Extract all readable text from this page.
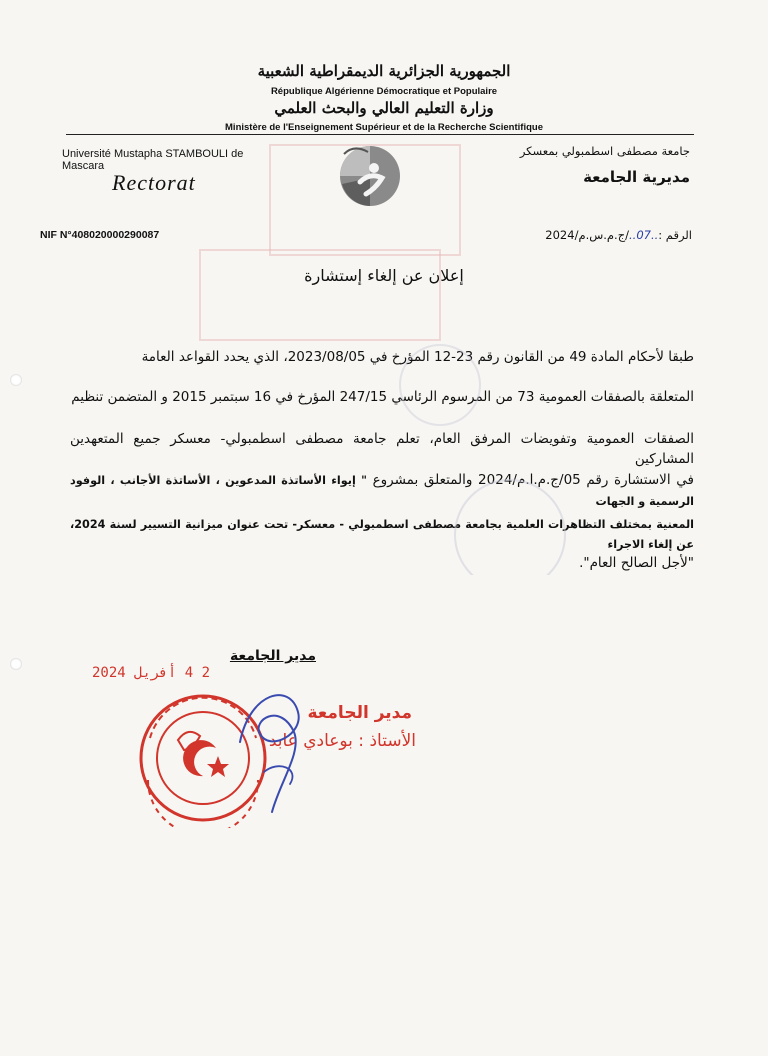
الجمهورية الجزائرية الديمقراطية الشعبية
République Algérienne Démocratique et Populaire
وزارة التعليم العالي والبحث العلمي
Ministère de l'Enseignement Supérieur et de la Recherche Scientifique
Université Mustapha STAMBOULI de Mascara
Rectorat
جامعة مصطفى اسطمبولي بمعسكر
مديرية الجامعة
NIF N°408020000290087	الرقم :..07../ج.م.س.م/2024
إعلان عن إلغاء إستشارة
طبقا لأحكام المادة 49 من القانون رقم 23-12 المؤرخ في 2023/08/05، الذي يحدد القواعد العامة
المتعلقة بالصفقات العمومية 73 من المرسوم الرئاسي 247/15 المؤرخ في 16 سبتمبر 2015 و المتضمن تنظيم
الصفقات العمومية وتفويضات المرفق العام، تعلم جامعة مصطفى اسطمبولي- معسكر جميع المتعهدين المشاركين
في الاستشارة رقم 05/ج.م.ا.م/2024 والمتعلق بمشروع " إيواء الأساتذة المدعوين ، الأساتذة الأجانب ، الوفود الرسمية و الجهات
المعنية بمختلف التظاهرات العلمية بجامعة مصطفى اسطمبولي - معسكر- تحت عنوان ميزانية التسيير لسنة 2024، عن إلغاء الاجراء
"لأجل الصالح العام".
مدير الجامعة
2 4 أفريل 2024
مدير الجامعة
الأستاذ : بوعادي عابد
